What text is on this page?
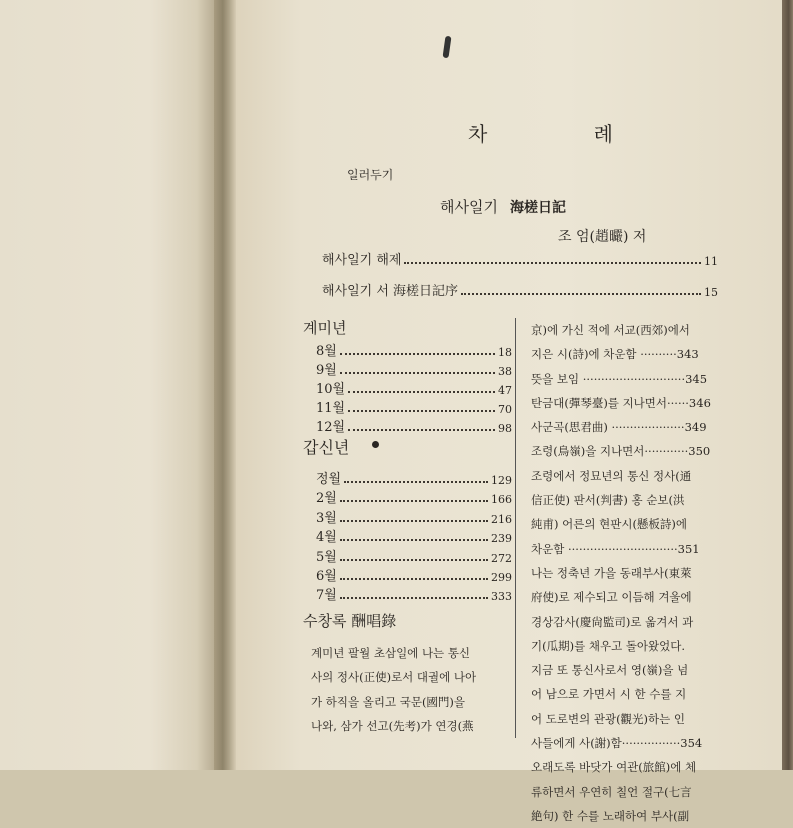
차 례
일러두기
해사일기 海槎日記
조 엄(趙曮) 저
해사일기 해제	11
해사일기 서 海槎日記序	15
계미년
8월	18
9월	38
10월	47
11월	70
12월	98
갑신년
정월	129
2월	166
3월	216
4월	239
5월	272
6월	299
7월	333
수창록 酬唱錄
계미년 팔월 초삼일에 나는 통신
사의 정사(正使)로서 대궐에 나아
가 하직을 올리고 국문(國門)을
나와, 삼가 선고(先考)가 연경(燕
京)에 가신 적에 서교(西郊)에서
지은 시(詩)에 차운함 ··········343
뜻을 보임 ····························345
탄금대(彈琴臺)를 지나면서······346
사군곡(思君曲) ····················349
조령(鳥嶺)을 지나면서············350
조령에서 정묘년의 통신 정사(通
信正使) 판서(判書) 홍 순보(洪
純甫) 어른의 현판시(懸板詩)에
차운함 ······························351
나는 정축년 가을 동래부사(東萊
府使)로 제수되고 이듬해 겨울에
경상감사(慶尙監司)로 옮겨서 과
기(瓜期)를 채우고 돌아왔었다.
지금 또 통신사로서 영(嶺)을 넘
어 남으로 가면서 시 한 수를 지
어 도로변의 관광(觀光)하는 인
사들에게 사(謝)함················354
오래도록 바닷가 여관(旅館)에 체
류하면서 우연히 칠언 절구(七言
絶句) 한 수를 노래하여 부사(副
